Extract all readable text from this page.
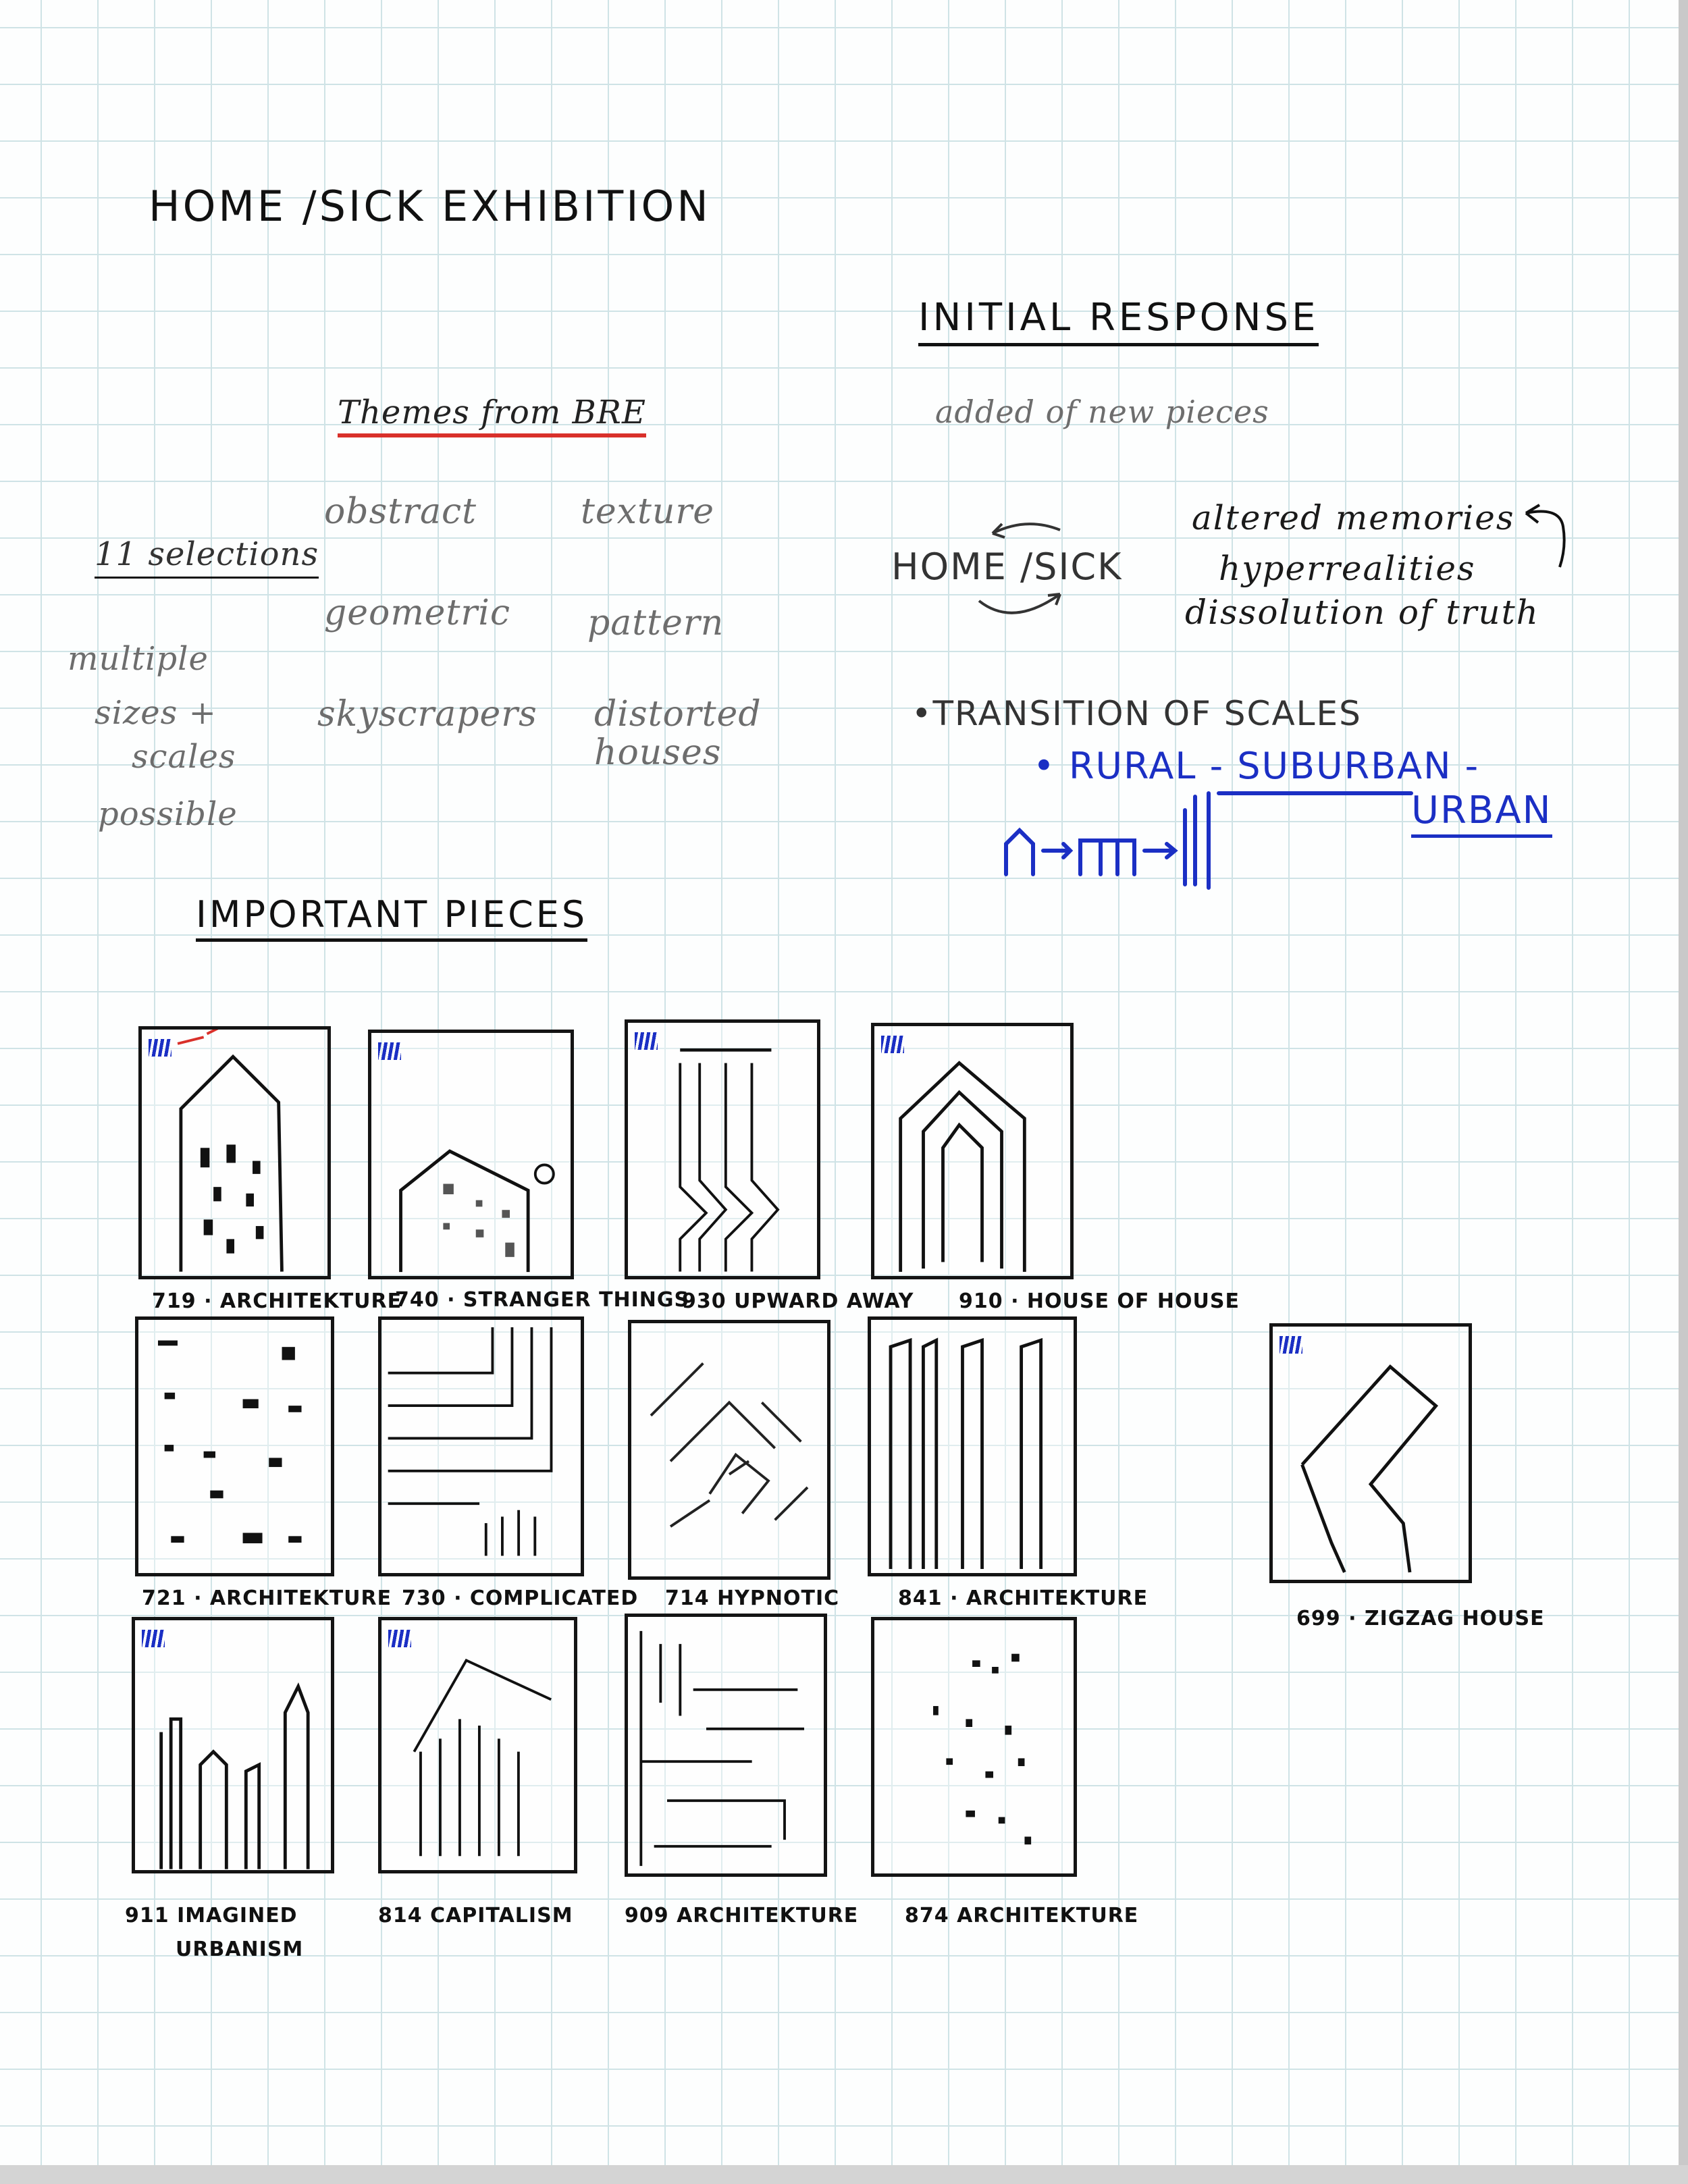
HOME /SICK EXHIBITION
Themes from BRE
obstract	texture
geometric pattern
skyscrapers distorted houses
11 selections
multiple
sizes +
scales
possible
INITIAL RESPONSE
added of new pieces
HOME /SICK
altered memories
hyperrealities
dissolution of truth
•TRANSITION OF SCALES
• RURAL - SUBURBAN -
URBAN
IMPORTANT PIECES
719 · ARCHITEKTURE
740 · STRANGER THINGS
930 UPWARD AWAY 910 · HOUSE OF HOUSE
721 · ARCHITEKTURE 730 · COMPLICATED 714 HYPNOTIC	841 · ARCHITEKTURE
699 · ZIGZAG HOUSE
911 IMAGINED
URBANISM
814 CAPITALISM	909 ARCHITEKTURE 874 ARCHITEKTURE
